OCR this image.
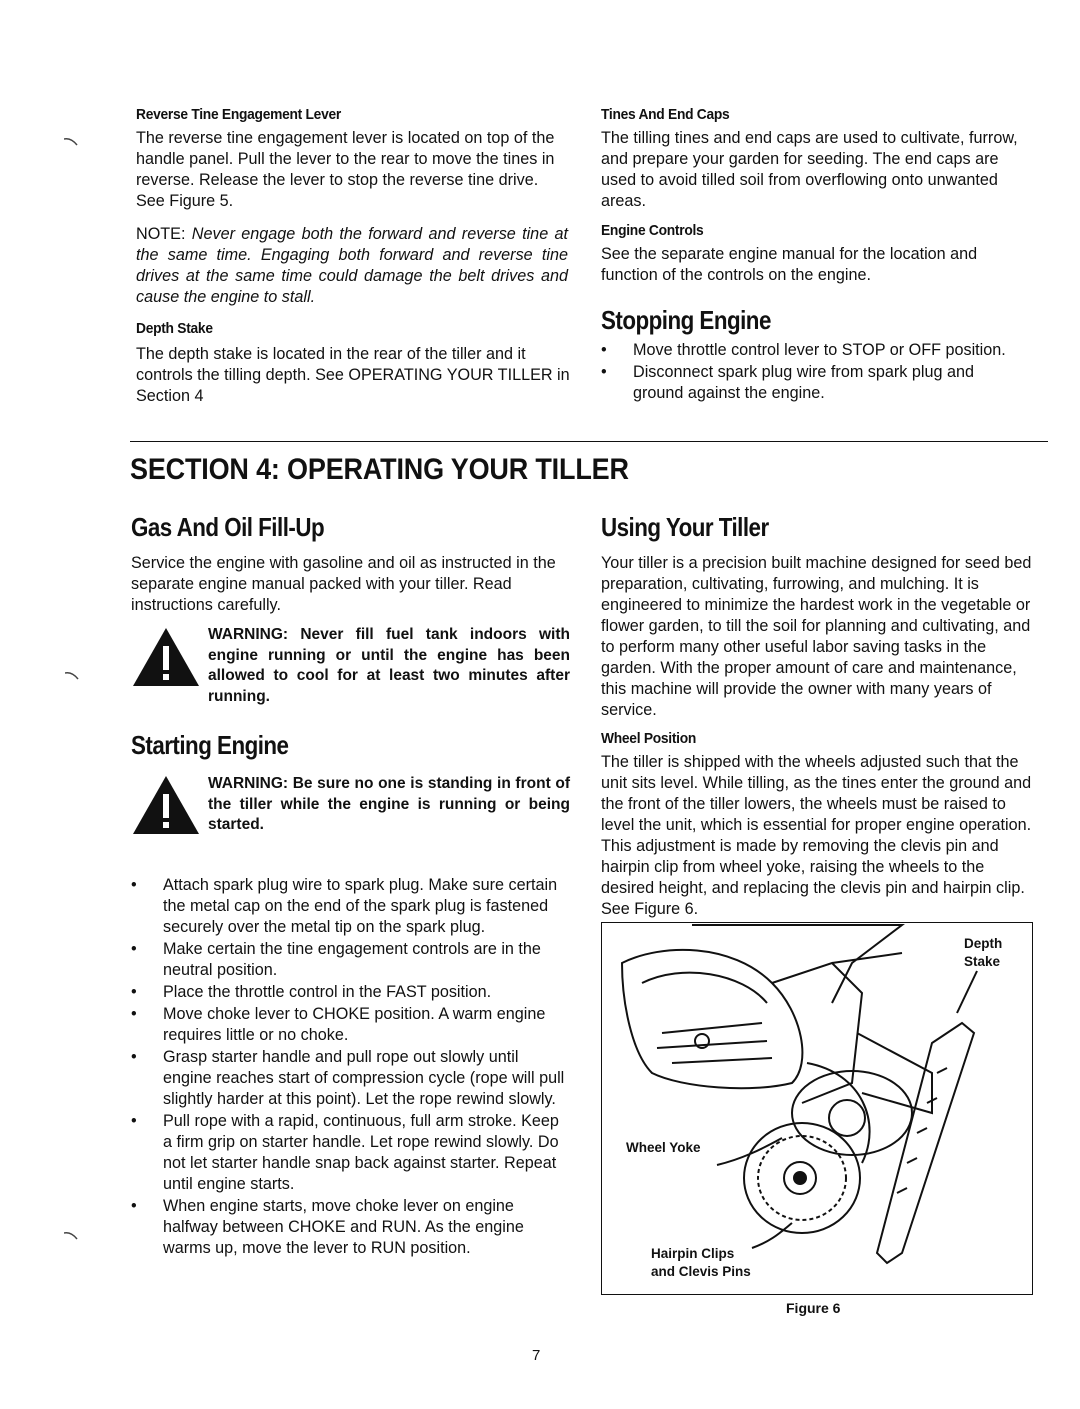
Reverse Tine Engagement Lever
The reverse tine engagement lever is located on top of the handle panel. Pull the lever to the rear to move the tines in reverse. Release the lever to stop the reverse tine drive. See Figure 5.
NOTE: Never engage both the forward and reverse tine at the same time. Engaging both forward and reverse tine drives at the same time could damage the belt drives and cause the engine to stall.
Depth Stake
The depth stake is located in the rear of the tiller and it controls the tilling depth. See OPERATING YOUR TILLER in Section 4
Tines And End Caps
The tilling tines and end caps are used to cultivate, furrow, and prepare your garden for seeding. The end caps are used to avoid tilled soil from overflowing onto unwanted areas.
Engine Controls
See the separate engine manual for the location and function of the controls on the engine.
Stopping Engine
• Move throttle control lever to STOP or OFF position.
• Disconnect spark plug wire from spark plug and ground against the engine.
SECTION 4: OPERATING YOUR TILLER
Gas And Oil Fill-Up
Service the engine with gasoline and oil as instructed in the separate engine manual packed with your tiller. Read instructions carefully.
WARNING: Never fill fuel tank indoors with engine running or until the engine has been allowed to cool for at least two minutes after running.
Starting Engine
WARNING: Be sure no one is standing in front of the tiller while the engine is running or being started.
• Attach spark plug wire to spark plug. Make sure certain the metal cap on the end of the spark plug is fastened securely over the metal tip on the spark plug.
• Make certain the tine engagement controls are in the neutral position.
• Place the throttle control in the FAST position.
• Move choke lever to CHOKE position. A warm engine requires little or no choke.
• Grasp starter handle and pull rope out slowly until engine reaches start of compression cycle (rope will pull slightly harder at this point). Let the rope rewind slowly.
• Pull rope with a rapid, continuous, full arm stroke. Keep a firm grip on starter handle. Let rope rewind slowly. Do not let starter handle snap back against starter. Repeat until engine starts.
• When engine starts, move choke lever on engine halfway between CHOKE and RUN. As the engine warms up, move the lever to RUN position.
Using Your Tiller
Your tiller is a precision built machine designed for seed bed preparation, cultivating, furrowing, and mulching. It is engineered to minimize the hardest work in the vegetable or flower garden, to till the soil for planning and cultivating, and to perform many other useful labor saving tasks in the garden. With the proper amount of care and maintenance, this machine will provide the owner with many years of service.
Wheel Position
The tiller is shipped with the wheels adjusted such that the unit sits level. While tilling, as the tines enter the ground and the front of the tiller lowers, the wheels must be raised to level the unit, which is essential for proper engine operation. This adjustment is made by removing the clevis pin and hairpin clip from wheel yoke, raising the wheels to the desired height, and replacing the clevis pin and hairpin clip. See Figure 6.
Depth
Stake
Wheel Yoke
Hairpin Clips
and Clevis Pins
Figure 6
7
